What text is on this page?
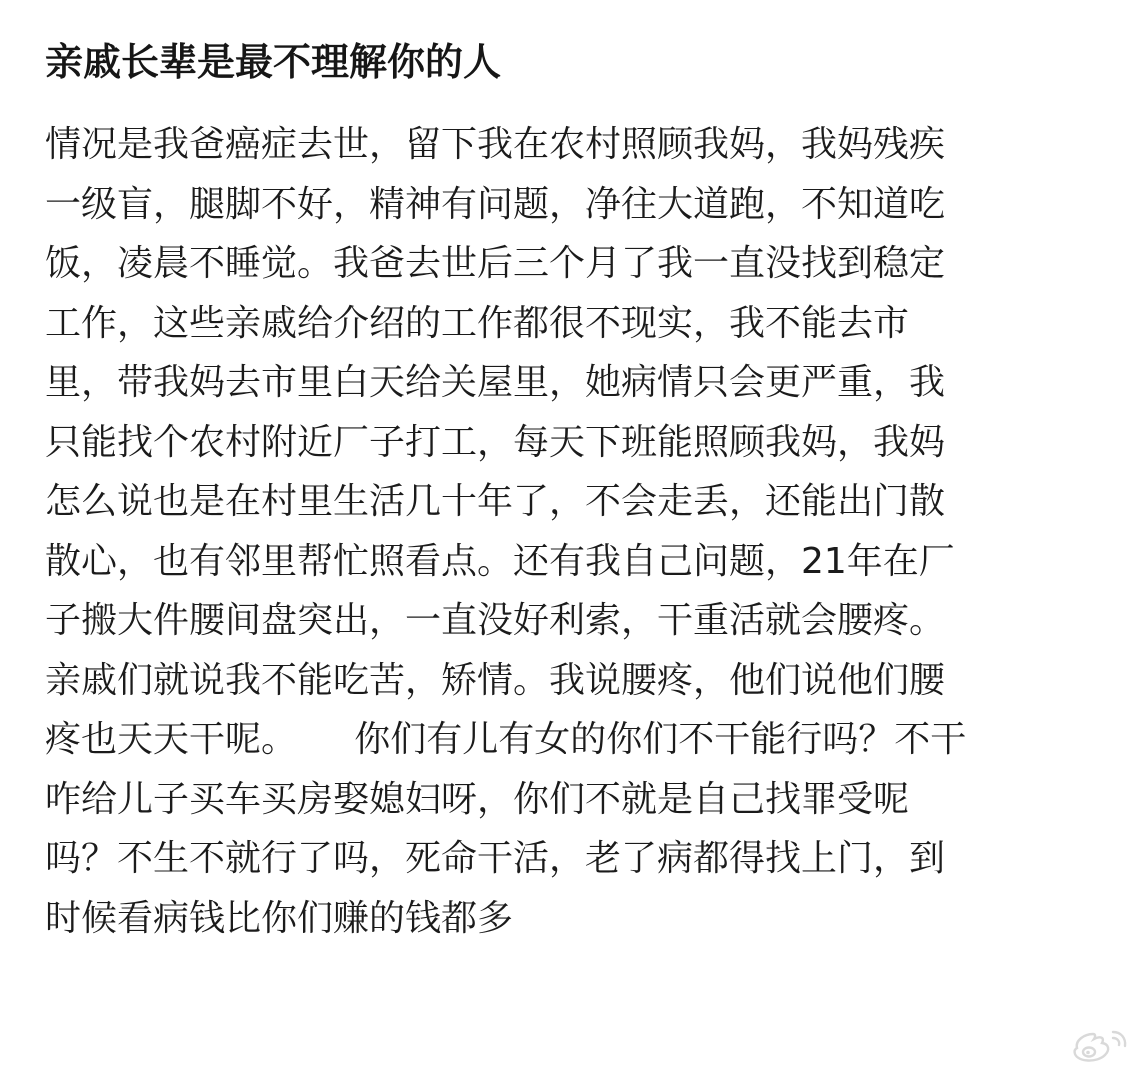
亲戚长辈是最不理解你的人
情况是我爸癌症去世，留下我在农村照顾我妈，我妈残疾
一级盲，腿脚不好，精神有问题，净往大道跑，不知道吃
饭，凌晨不睡觉。我爸去世后三个月了我一直没找到稳定
工作，这些亲戚给介绍的工作都很不现实，我不能去市
里，带我妈去市里白天给关屋里，她病情只会更严重，我
只能找个农村附近厂子打工，每天下班能照顾我妈，我妈
怎么说也是在村里生活几十年了，不会走丢，还能出门散
散心，也有邻里帮忙照看点。还有我自己问题，21年在厂
子搬大件腰间盘突出，一直没好利索，干重活就会腰疼。
亲戚们就说我不能吃苦，矫情。我说腰疼，他们说他们腰
疼也天天干呢。     你们有儿有女的你们不干能行吗？不干
咋给儿子买车买房娶媳妇呀，你们不就是自己找罪受呢
吗？不生不就行了吗，死命干活，老了病都得找上门，到
时候看病钱比你们赚的钱都多
